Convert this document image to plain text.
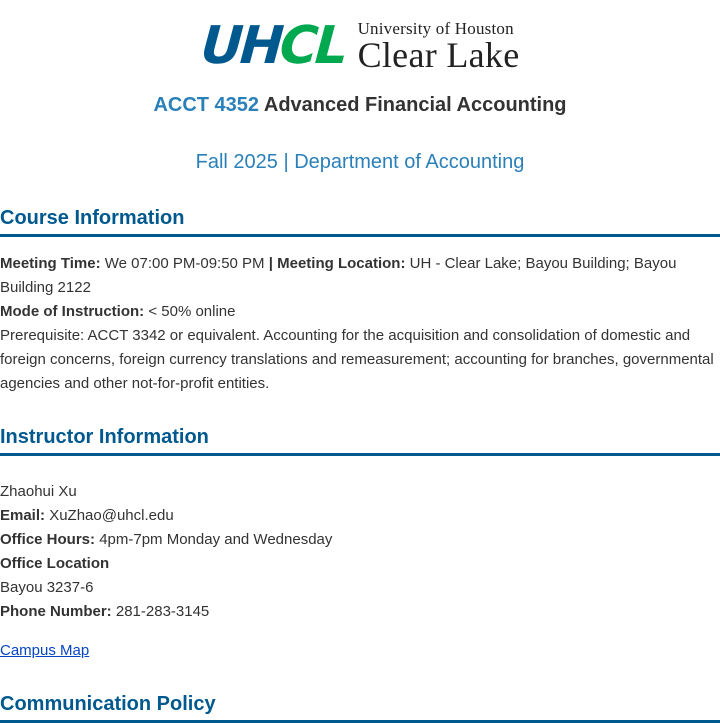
UH
CL University of Houston
Clear Lake
ACCT 4352 Advanced Financial Accounting

Fall 2025 | Department of Accounting

Course Information

Meeting Time: We 07:00 PM-09:50 PM | Meeting Location: UH - Clear Lake; Bayou Building; Bayou Building 2122

Mode of Instruction: < 50% online

Prerequisite: ACCT 3342 or equivalent. Accounting for the acquisition and consolidation of domestic and foreign concerns, foreign currency translations and remeasurement; accounting for branches, governmental agencies and other not-for-profit entities.

Instructor Information

Zhaohui Xu

Email: XuZhao@uhcl.edu

Office Hours: 4pm-7pm Monday and Wednesday

Office Location

Bayou 3237-6

Phone Number: 281-283-3145

Campus Map
Communication Policy
